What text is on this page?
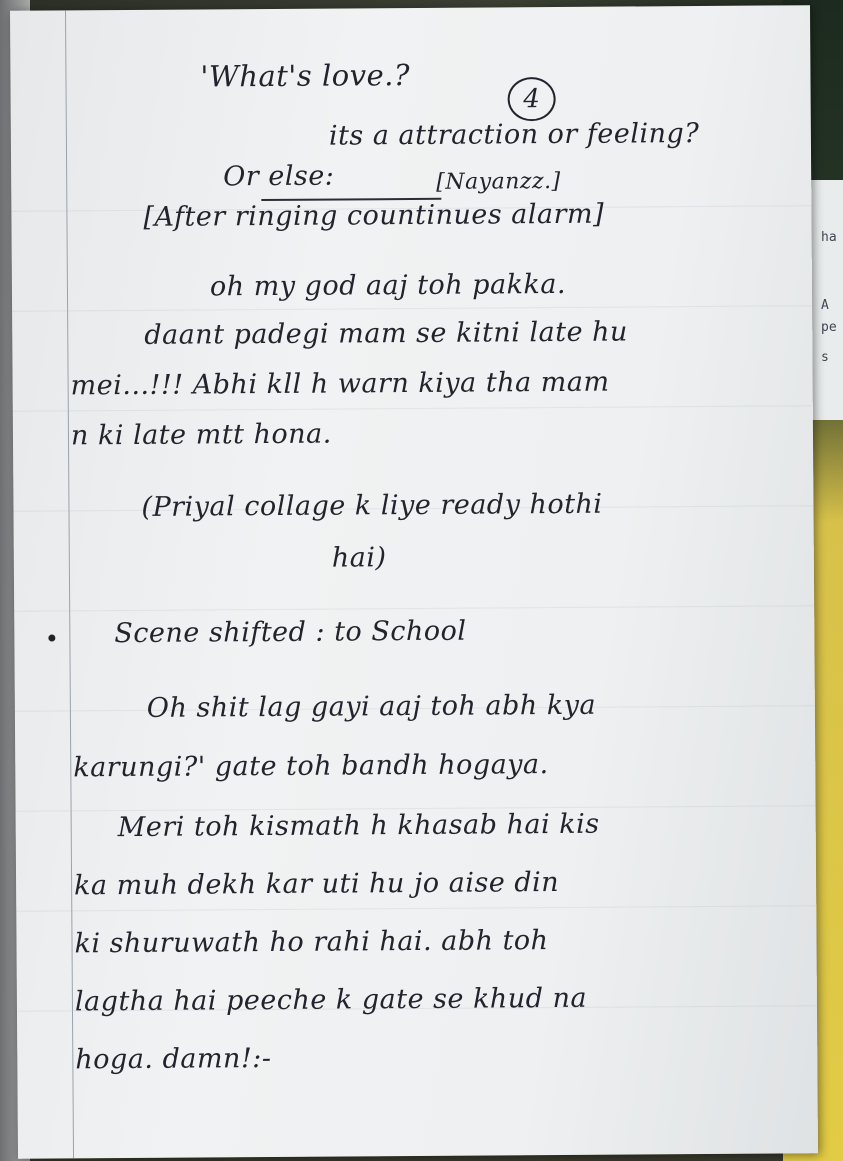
ha
A
pe
s
'What's love.?
4
its a attraction or feeling?
Or else:	[Nayanzz.]
[After ringing countinues alarm]
oh my god aaj toh pakka.
daant padegi mam se kitni late hu
mei...!!! Abhi kll h warn kiya tha mam
n ki late mtt hona.
(Priyal collage k liye ready hothi
hai)
Scene shifted : to School
Oh shit lag gayi aaj toh abh kya
karungi?' gate toh bandh hogaya.
Meri toh kismath h khasab hai kis
ka muh dekh kar uti hu jo aise din
ki shuruwath ho rahi hai. abh toh
lagtha hai peeche k gate se khud na
hoga. damn!:-
